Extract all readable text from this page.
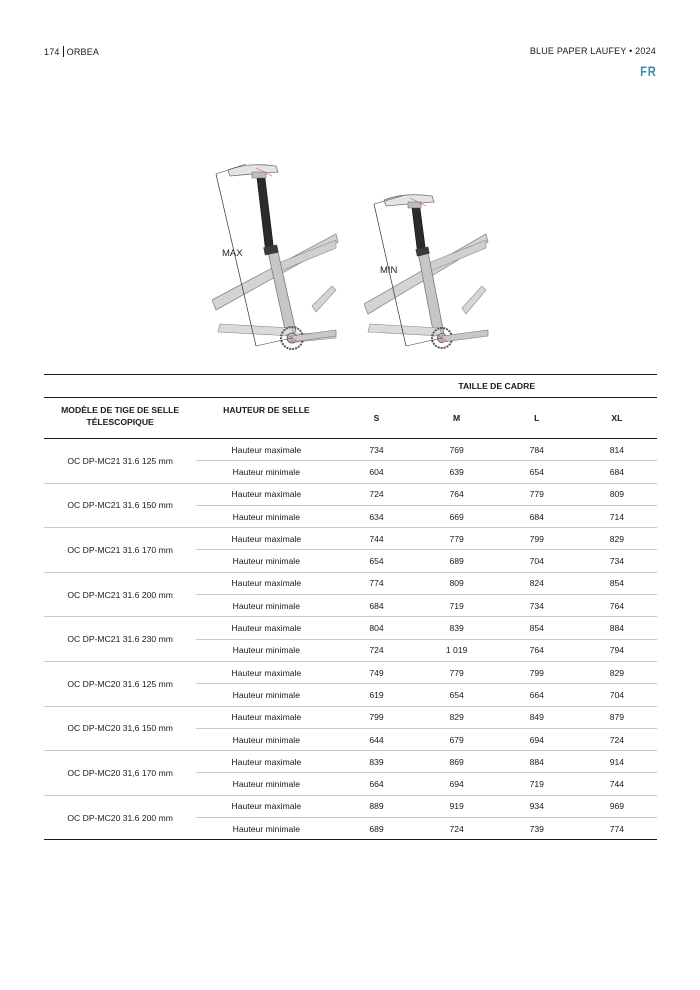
174 ORBEA	BLUE PAPER LAUFEY • 2024
FR
MAX
MIN
		TAILLE DE CADRE			
MODÈLE DE TIGE DE SELLE TÉLESCOPIQUE	HAUTEUR DE SELLE	S	M	L	XL
OC DP-MC21 31.6 125 mm	Hauteur maximale	734	769	784	814
	Hauteur minimale	604	639	654	684
OC DP-MC21 31.6 150 mm	Hauteur maximale	724	764	779	809
	Hauteur minimale	634	669	684	714
OC DP-MC21 31.6 170 mm	Hauteur maximale	744	779	799	829
	Hauteur minimale	654	689	704	734
OC DP-MC21 31.6 200 mm	Hauteur maximale	774	809	824	854
	Hauteur minimale	684	719	734	764
OC DP-MC21 31.6 230 mm	Hauteur maximale	804	839	854	884
	Hauteur minimale	724	1 019	764	794
OC DP-MC20 31.6 125 mm	Hauteur maximale	749	779	799	829
	Hauteur minimale	619	654	664	704
OC DP-MC20 31,6 150 mm	Hauteur maximale	799	829	849	879
	Hauteur minimale	644	679	694	724
OC DP-MC20 31,6 170 mm	Hauteur maximale	839	869	884	914
	Hauteur minimale	664	694	719	744
OC DP-MC20 31.6 200 mm	Hauteur maximale	889	919	934	969
	Hauteur minimale	689	724	739	774
